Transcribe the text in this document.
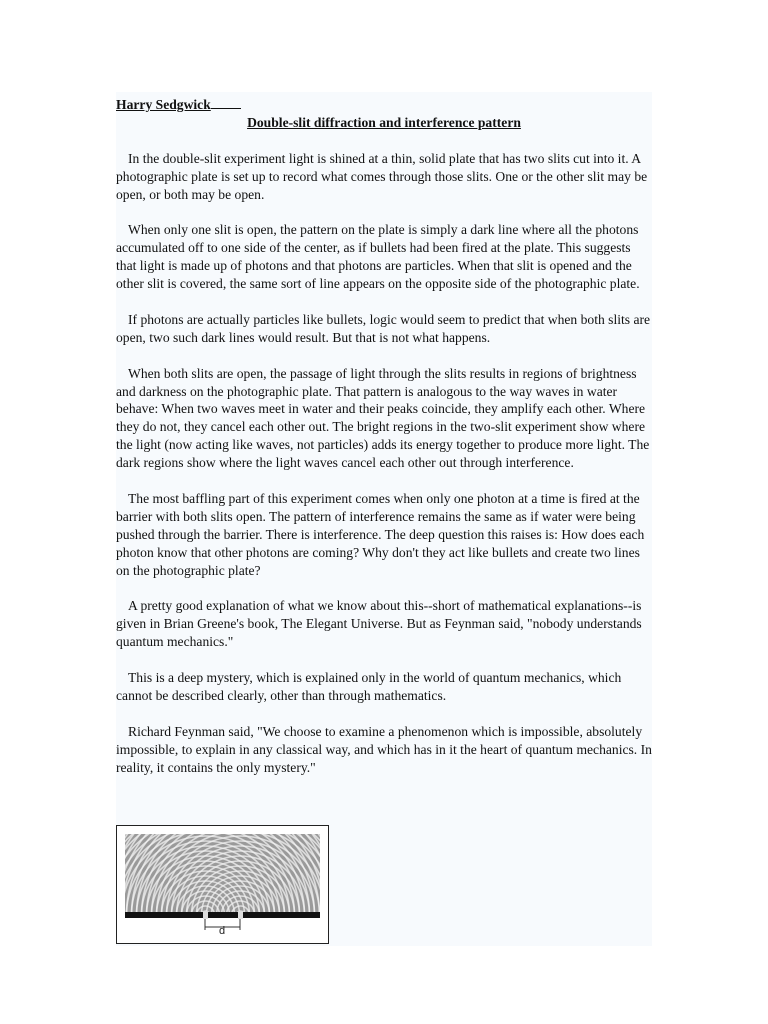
Harry Sedgwick

Double-slit diffraction and interference pattern

In the double-slit experiment light is shined at a thin, solid plate that has two slits cut into it. A photographic plate is set up to record what comes through those slits. One or the other slit may be open, or both may be open.

When only one slit is open, the pattern on the plate is simply a dark line where all the photons accumulated off to one side of the center, as if bullets had been fired at the plate. This suggests that light is made up of photons and that photons are particles. When that slit is opened and the other slit is covered, the same sort of line appears on the opposite side of the photographic plate.

If photons are actually particles like bullets, logic would seem to predict that when both slits are open, two such dark lines would result. But that is not what happens.

When both slits are open, the passage of light through the slits results in regions of brightness and darkness on the photographic plate. That pattern is analogous to the way waves in water behave: When two waves meet in water and their peaks coincide, they amplify each other. Where they do not, they cancel each other out. The bright regions in the two-slit experiment show where the light (now acting like waves, not particles) adds its energy together to produce more light. The dark regions show where the light waves cancel each other out through interference.

The most baffling part of this experiment comes when only one photon at a time is fired at the barrier with both slits open. The pattern of interference remains the same as if water were being pushed through the barrier. There is interference. The deep question this raises is: How does each photon know that other photons are coming? Why don't they act like bullets and create two lines on the photographic plate?

A pretty good explanation of what we know about this--short of mathematical explanations--is given in Brian Greene's book, The Elegant Universe. But as Feynman said, "nobody understands quantum mechanics."

This is a deep mystery, which is explained only in the world of quantum mechanics, which cannot be described clearly, other than through mathematics.

Richard Feynman said, "We choose to examine a phenomenon which is impossible, absolutely impossible, to explain in any classical way, and which has in it the heart of quantum mechanics. In reality, it contains the only mystery."

d
